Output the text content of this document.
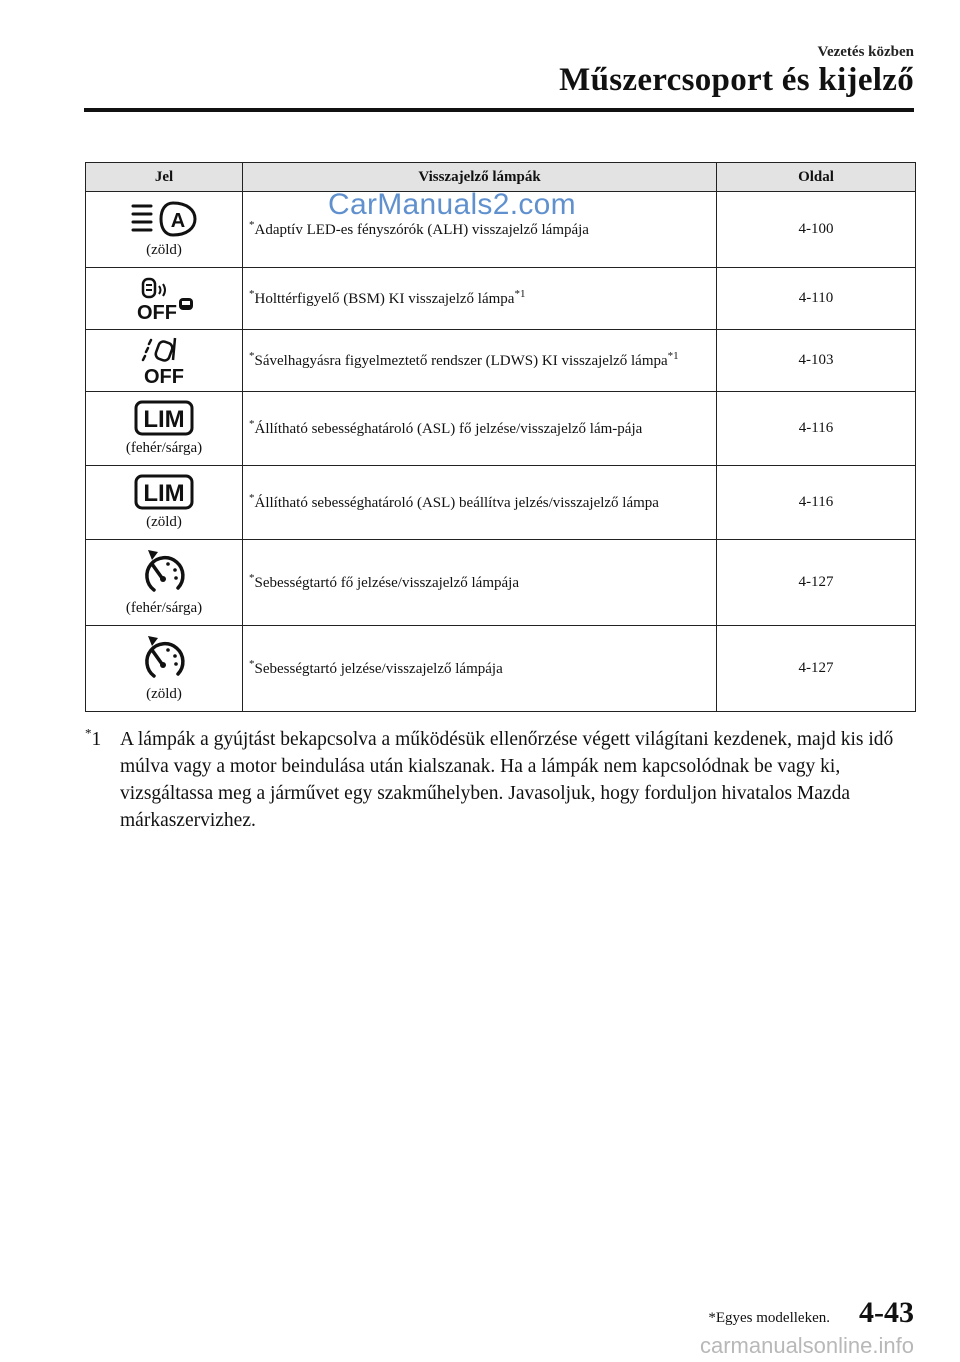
Vezetés közben
Műszercsoport és kijelző
Jel	Visszajelző lámpák	Oldal

A
(zöld)	*Adaptív LED-es fényszórók (ALH) visszajelző lámpája	4-100

OFF	*Holttérfigyelő (BSM) KI visszajelző lámpa$^{*1}$	4-110

OFF	*Sávelhagyásra figyelmeztető rendszer (LDWS) KI visszajelző lámpa$^{*1}$	4-103

LIM
(fehér/sárga)	*Állítható sebességhatároló (ASL) fő jelzése/visszajelző lám-pája	4-116

LIM
(zöld)	*Állítható sebességhatároló (ASL) beállítva jelzés/visszajelző lámpa	4-116

(fehér/sárga)	*Sebességtartó fő jelzése/visszajelző lámpája	4-127

(zöld)	*Sebességtartó jelzése/visszajelző lámpája	4-127
CarManuals2.com
*1 A lámpák a gyújtást bekapcsolva a működésük ellenőrzése végett világítani kezdenek, majd kis idő múlva vagy a motor beindulása után kialszanak. Ha a lámpák nem kapcsolódnak be vagy ki, vizsgáltassa meg a járművet egy szakműhelyben. Javasoljuk, hogy forduljon hivatalos Mazda márkaszervizhez.
*Egyes modelleken. 4-43
carmanualsonline.info
